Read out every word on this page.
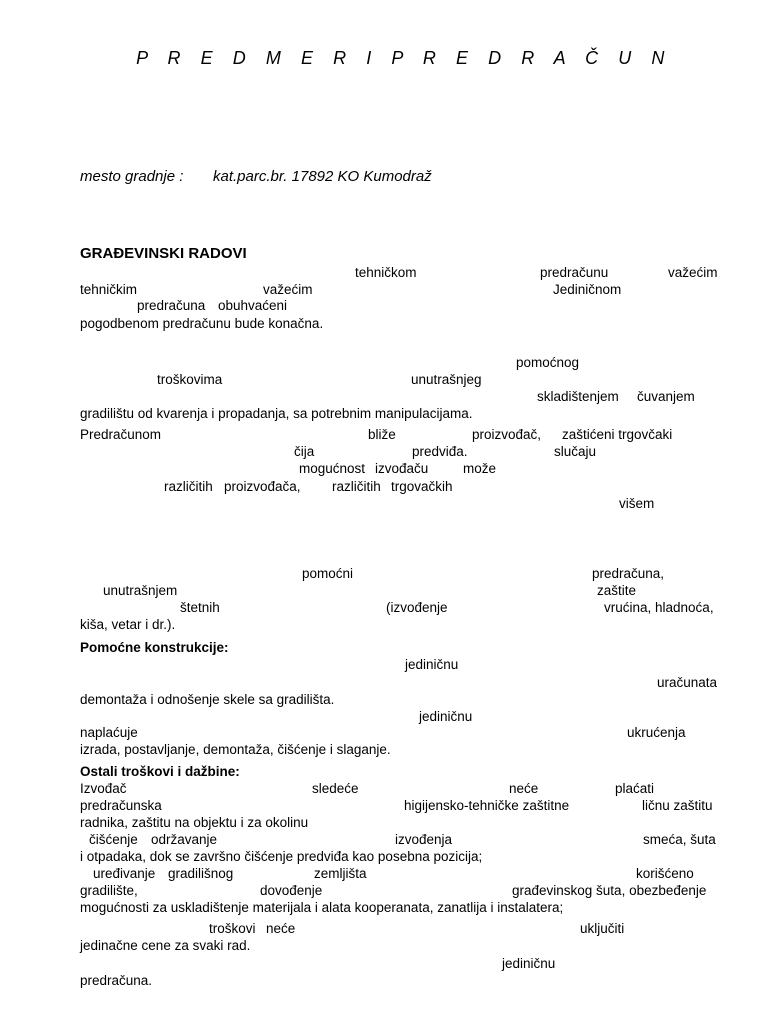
P R E D M E R I P R E D R A Č U N
mesto gradnje : kat.parc.br. 17892 KO Kumodraž
GRAĐEVINSKI RADOVI
tehničkom	predračunu	važećim
tehničkim	važećim	Jediničnom
predračuna obuhvaćeni
pogodbenom predračunu bude konačna.
pomoćnog
troškovima	unutrašnjeg
skladištenjem čuvanjem
gradilištu od kvarenja i propadanja, sa potrebnim manipulacijama.
Predračunom	bliže	proizvođač, zaštićeni trgovčaki
čija	predviđa.	slučaju
mogućnost izvođaču	može
različitih proizvođača, različitih trgovačkih
višem
pomoćni	predračuna,
unutrašnjem	zaštite
štetnih	(izvođenje	vrućina, hladnoća,
kiša, vetar i dr.).
jediničnu
uračunata
demontaža i odnošenje skele sa gradilišta.
jediničnu
naplaćuje	ukrućenja
izrada, postavljanje, demontaža, čišćenje i slaganje.
Izvođač	sledeće	neće	plaćati
predračunska	higijensko-tehničke zaštitne	ličnu zaštitu
radnika, zaštitu na objektu i za okolinu
čišćenje održavanje	izvođenja	smeća, šuta
i otpadaka, dok se završno čišćenje predviđa kao posebna pozicija;
uređivanje gradilišnog	zemljišta	korišćeno
gradilište,	dovođenje	građevinskog šuta, obezbeđenje
mogućnosti za uskladištenje materijala i alata kooperanata, zanatlija i instalatera;
troškovi neće	uključiti
jedinačne cene za svaki rad.
jediničnu
predračuna.
Pomoćne konstrukcije:
Ostali troškovi i dažbine:
